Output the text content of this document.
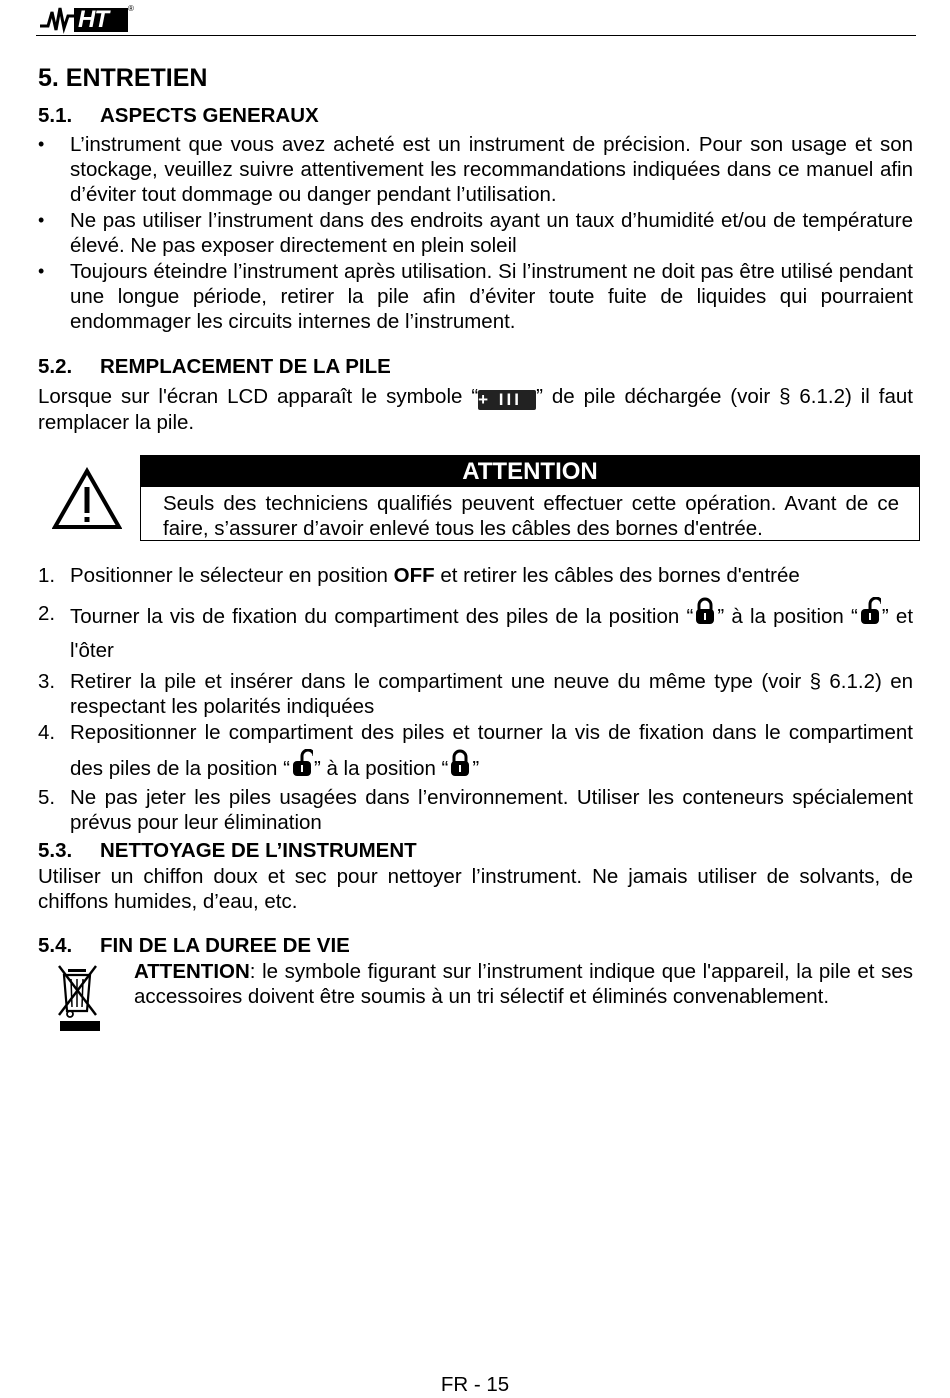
HT	®
5. ENTRETIEN
5.1. ASPECTS GENERAUX
• L’instrument que vous avez acheté est un instrument de précision. Pour son usage et son stockage, veuillez suivre attentivement les recommandations indiquées dans ce manuel afin d’éviter tout dommage ou danger pendant l’utilisation.
• Ne pas utiliser l’instrument dans des endroits ayant un taux d’humidité et/ou de température élevé. Ne pas exposer directement en plein soleil
• Toujours éteindre l’instrument après utilisation. Si l’instrument ne doit pas être utilisé pendant une longue période, retirer la pile afin d’éviter toute fuite de liquides qui pourraient endommager les circuits internes de l’instrument.
5.2. REMPLACEMENT DE LA PILE
Lorsque sur l'écran LCD apparaît le symbole “+ III ” de pile déchargée (voir § 6.1.2) il faut remplacer la pile.
ATTENTION
Seuls des techniciens qualifiés peuvent effectuer cette opération. Avant de ce faire, s’assurer d’avoir enlevé tous les câbles des bornes d'entrée.
1. Positionner le sélecteur en position OFF et retirer les câbles des bornes d'entrée
2. Tourner la vis de fixation du compartiment des piles de la position “ ” à la position “ ” et l'ôter
3. Retirer la pile et insérer dans le compartiment une neuve du même type (voir § 6.1.2) en respectant les polarités indiquées
4. Repositionner le compartiment des piles et tourner la vis de fixation dans le compartiment des piles de la position “ ” à la position “ ”
5. Ne pas jeter les piles usagées dans l’environnement. Utiliser les conteneurs spécialement prévus pour leur élimination
5.3. NETTOYAGE DE L’INSTRUMENT
Utiliser un chiffon doux et sec pour nettoyer l’instrument. Ne jamais utiliser de solvants, de chiffons humides, d’eau, etc.
5.4. FIN DE LA DUREE DE VIE
ATTENTION: le symbole figurant sur l’instrument indique que l'appareil, la pile et ses accessoires doivent être soumis à un tri sélectif et éliminés convenablement.
FR - 15
